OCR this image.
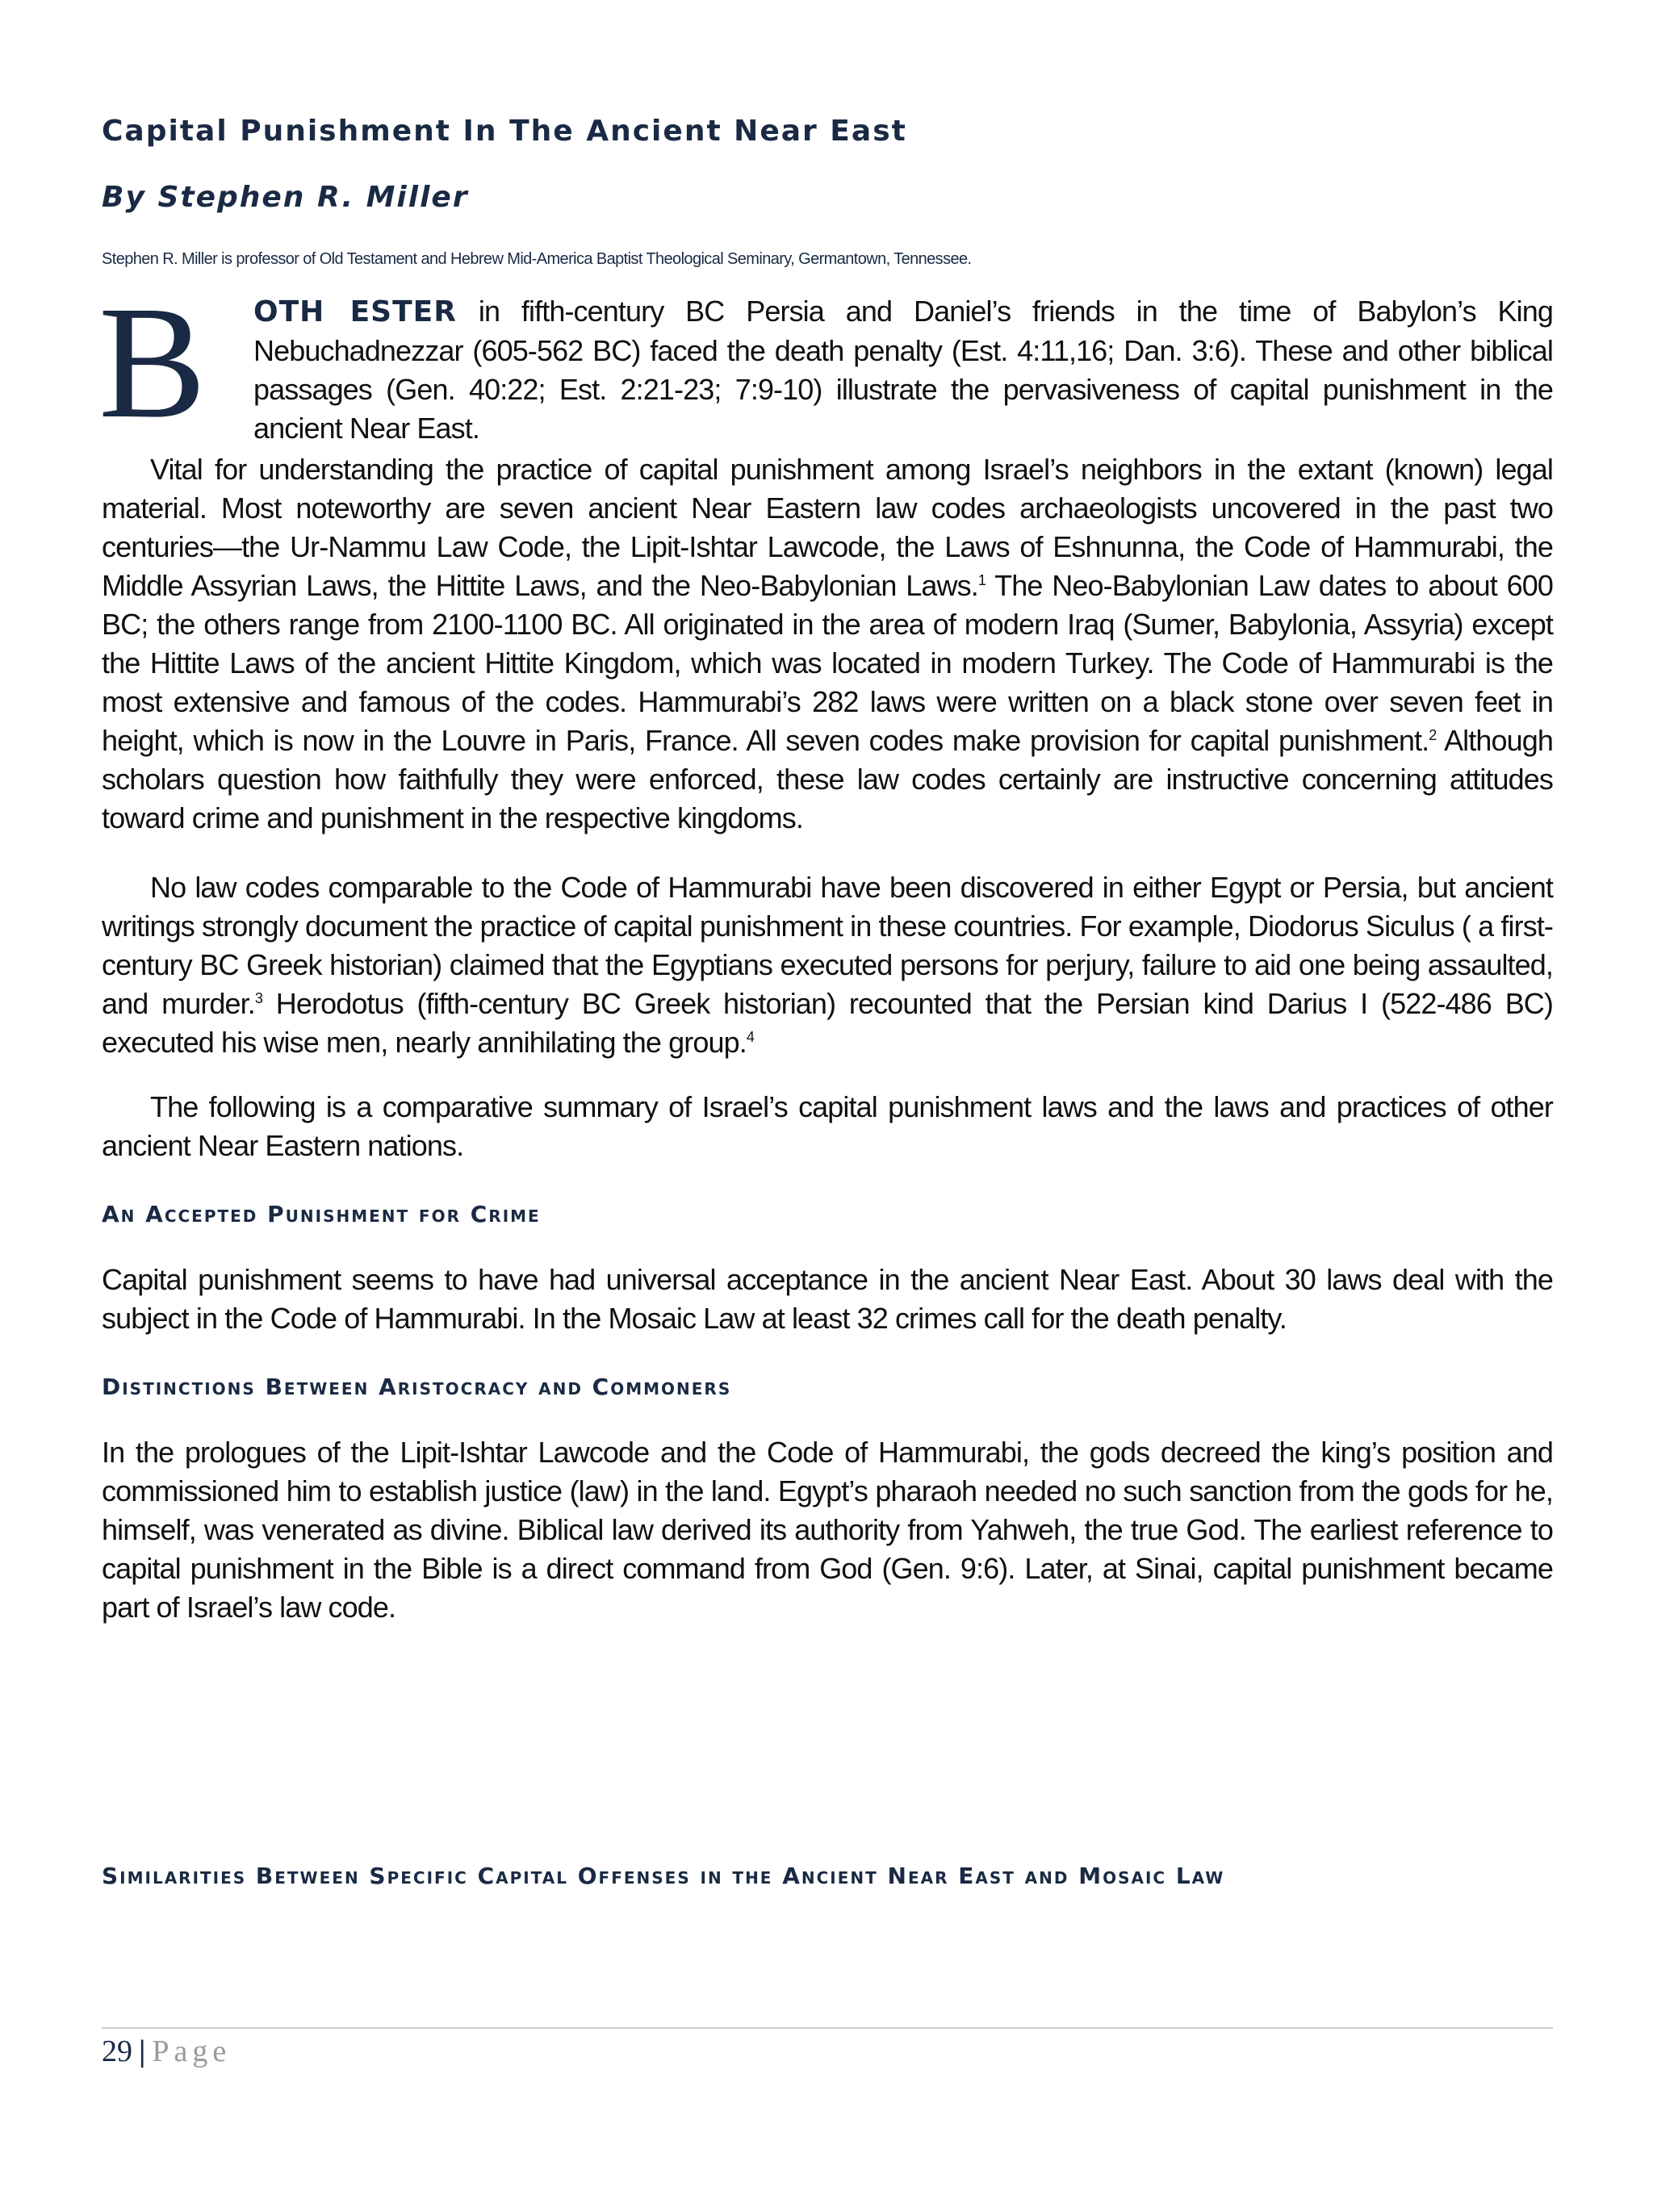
Capital Punishment In The Ancient Near East
By Stephen R. Miller
Stephen R. Miller is professor of Old Testament and Hebrew Mid-America Baptist Theological Seminary, Germantown, Tennessee.
B OTH ESTER in fifth-century BC Persia and Daniel’s friends in the time of Babylon’s King Nebuchadnezzar (605-562 BC) faced the death penalty (Est. 4:11,16; Dan. 3:6). These and other biblical passages (Gen. 40:22; Est. 2:21-23; 7:9-10) illustrate the pervasiveness of capital punishment in the ancient Near East.

Vital for understanding the practice of capital punishment among Israel’s neighbors in the extant (known) legal material. Most noteworthy are seven ancient Near Eastern law codes archaeologists uncovered in the past two centuries—the Ur-Nammu Law Code, the Lipit-Ishtar Lawcode, the Laws of Eshnunna, the Code of Hammurabi, the Middle Assyrian Laws, the Hittite Laws, and the Neo-Babylonian Laws.$^1$ The Neo-Babylonian Law dates to about 600 BC; the others range from 2100-1100 BC. All originated in the area of modern Iraq (Sumer, Babylonia, Assyria) except the Hittite Laws of the ancient Hittite Kingdom, which was located in modern Turkey. The Code of Hammurabi is the most extensive and famous of the codes. Hammurabi’s 282 laws were written on a black stone over seven feet in height, which is now in the Louvre in Paris, France. All seven codes make provision for capital punishment.$^2$ Although scholars question how faithfully they were enforced, these law codes certainly are instructive concerning attitudes toward crime and punishment in the respective kingdoms.

No law codes comparable to the Code of Hammurabi have been discovered in either Egypt or Persia, but ancient writings strongly document the practice of capital punishment in these countries. For example, Diodorus Siculus ( a first-century BC Greek historian) claimed that the Egyptians executed persons for perjury, failure to aid one being assaulted, and murder.$^3$ Herodotus (fifth-century BC Greek historian) recounted that the Persian kind Darius I (522-486 BC) executed his wise men, nearly annihilating the group.$^4$

The following is a comparative summary of Israel’s capital punishment laws and the laws and practices of other ancient Near Eastern nations.

An Accepted Punishment for Crime

Capital punishment seems to have had universal acceptance in the ancient Near East. About 30 laws deal with the subject in the Code of Hammurabi. In the Mosaic Law at least 32 crimes call for the death penalty.

Distinctions Between Aristocracy and Commoners

In the prologues of the Lipit-Ishtar Lawcode and the Code of Hammurabi, the gods decreed the king’s position and commissioned him to establish justice (law) in the land. Egypt’s pharaoh needed no such sanction from the gods for he, himself, was venerated as divine. Biblical law derived its authority from Yahweh, the true God. The earliest reference to capital punishment in the Bible is a direct command from God (Gen. 9:6). Later, at Sinai, capital punishment became part of Israel’s law code.

Similarities Between Specific Capital Offenses in the Ancient Near East and Mosaic Law
29 | Page
